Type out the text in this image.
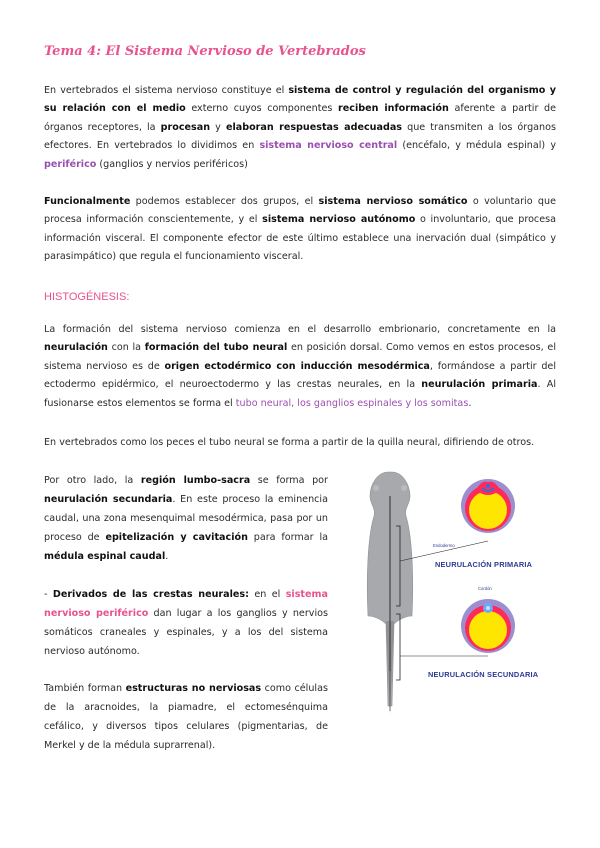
Tema 4: El Sistema Nervioso de Vertebrados
En vertebrados el sistema nervioso constituye el sistema de control y regulación del organismo y su relación con el medio externo cuyos componentes reciben información aferente a partir de órganos receptores, la procesan y elaboran respuestas adecuadas que transmiten a los órganos efectores. En vertebrados lo dividimos en sistema nervioso central (encéfalo, y médula espinal) y periférico (ganglios y nervios periféricos)
Funcionalmente podemos establecer dos grupos, el sistema nervioso somático o voluntario que procesa información conscientemente, y el sistema nervioso autónomo o involuntario, que procesa información visceral. El componente efector de este último establece una inervación dual (simpático y parasimpático) que regula el funcionamiento visceral.
HISTOGÉNESIS:
La formación del sistema nervioso comienza en el desarrollo embrionario, concretamente en la neurulación con la formación del tubo neural en posición dorsal. Como vemos en estos procesos, el sistema nervioso es de origen ectodérmico con inducción mesodérmica, formándose a partir del ectodermo epidérmico, el neuroectodermo y las crestas neurales, en la neurulación primaria. Al fusionarse estos elementos se forma el tubo neural, los ganglios espinales y los somitas.
En vertebrados como los peces el tubo neural se forma a partir de la quilla neural, difiriendo de otros.
Por otro lado, la región lumbo-sacra se forma por neurulación secundaria. En este proceso la eminencia caudal, una zona mesenquimal mesodérmica, pasa por un proceso de epitelización y cavitación para formar la médula espinal caudal.
- Derivados de las crestas neurales: en el sistema nervioso periférico dan lugar a los ganglios y nervios somáticos craneales y espinales, y a los del sistema nervioso autónomo.
También forman estructuras no nerviosas como células de la aracnoides, la piamadre, el ectomesénquima cefálico, y diversos tipos celulares (pigmentarias, de Merkel y de la médula suprarrenal).
Endodermo
Cordón
NEURULACIÓN PRIMARIA
NEURULACIÓN SECUNDARIA
